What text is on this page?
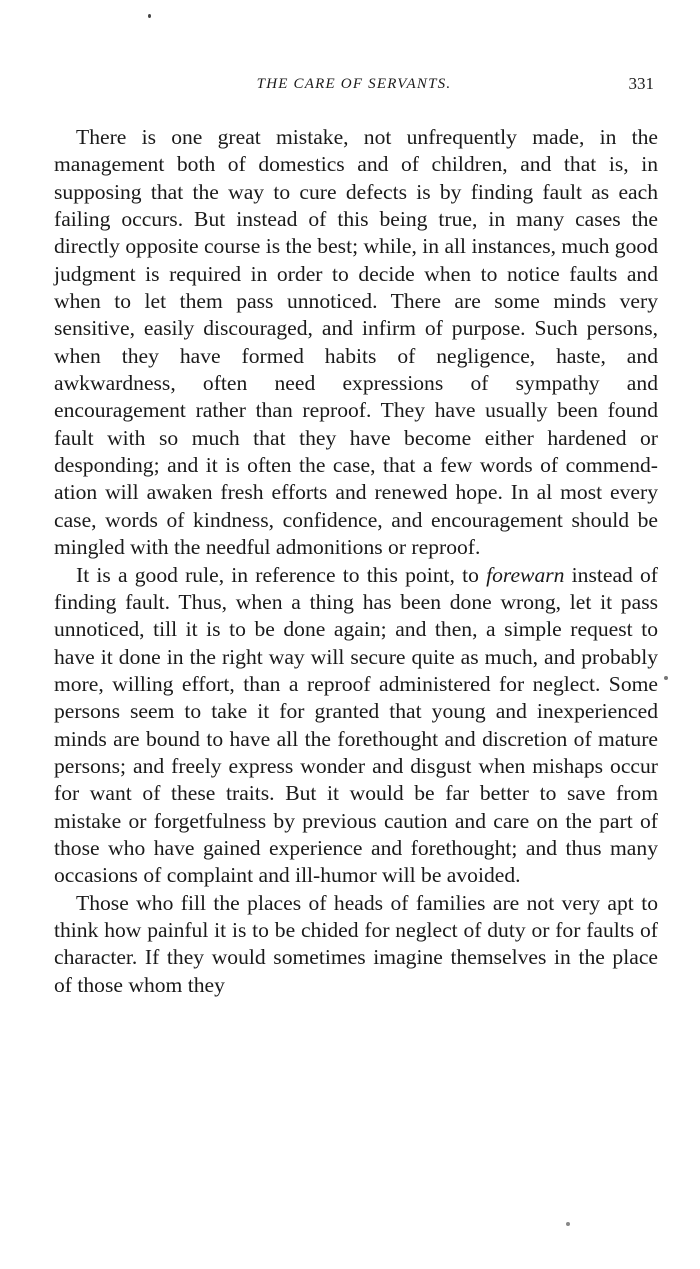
THE CARE OF SERVANTS.	331

There is one great mistake, not unfrequently made, in the management both of domestics and of children, and that is, in supposing that the way to cure defects is by finding fault as each failing occurs. But instead of this being true, in many cases the directly opposite course is the best; while, in all instances, much good judgment is required in order to decide when to notice faults and when to let them pass unnoticed. There are some minds very sensitive, easily discouraged, and infirm of purpose. Such persons, when they have formed habits of negligence, haste, and awkwardness, often need expressions of sympathy and encouragement rather than reproof. They have usually been found fault with so much that they have become either hardened or desponding; and it is often the case, that a few words of commendation will awaken fresh efforts and renewed hope. In al most every case, words of kindness, confidence, and encouragement should be mingled with the needful admonitions or reproof.

It is a good rule, in reference to this point, to forewarn instead of finding fault. Thus, when a thing has been done wrong, let it pass unnoticed, till it is to be done again; and then, a simple request to have it done in the right way will secure quite as much, and probably more, willing effort, than a reproof administered for neglect. Some persons seem to take it for granted that young and inexperienced minds are bound to have all the forethought and discretion of mature persons; and freely express wonder and disgust when mishaps occur for want of these traits. But it would be far better to save from mistake or forgetfulness by previous caution and care on the part of those who have gained experience and forethought; and thus many occasions of complaint and ill-humor will be avoided.

Those who fill the places of heads of families are not very apt to think how painful it is to be chided for neglect of duty or for faults of character. If they would sometimes imagine themselves in the place of those whom they
